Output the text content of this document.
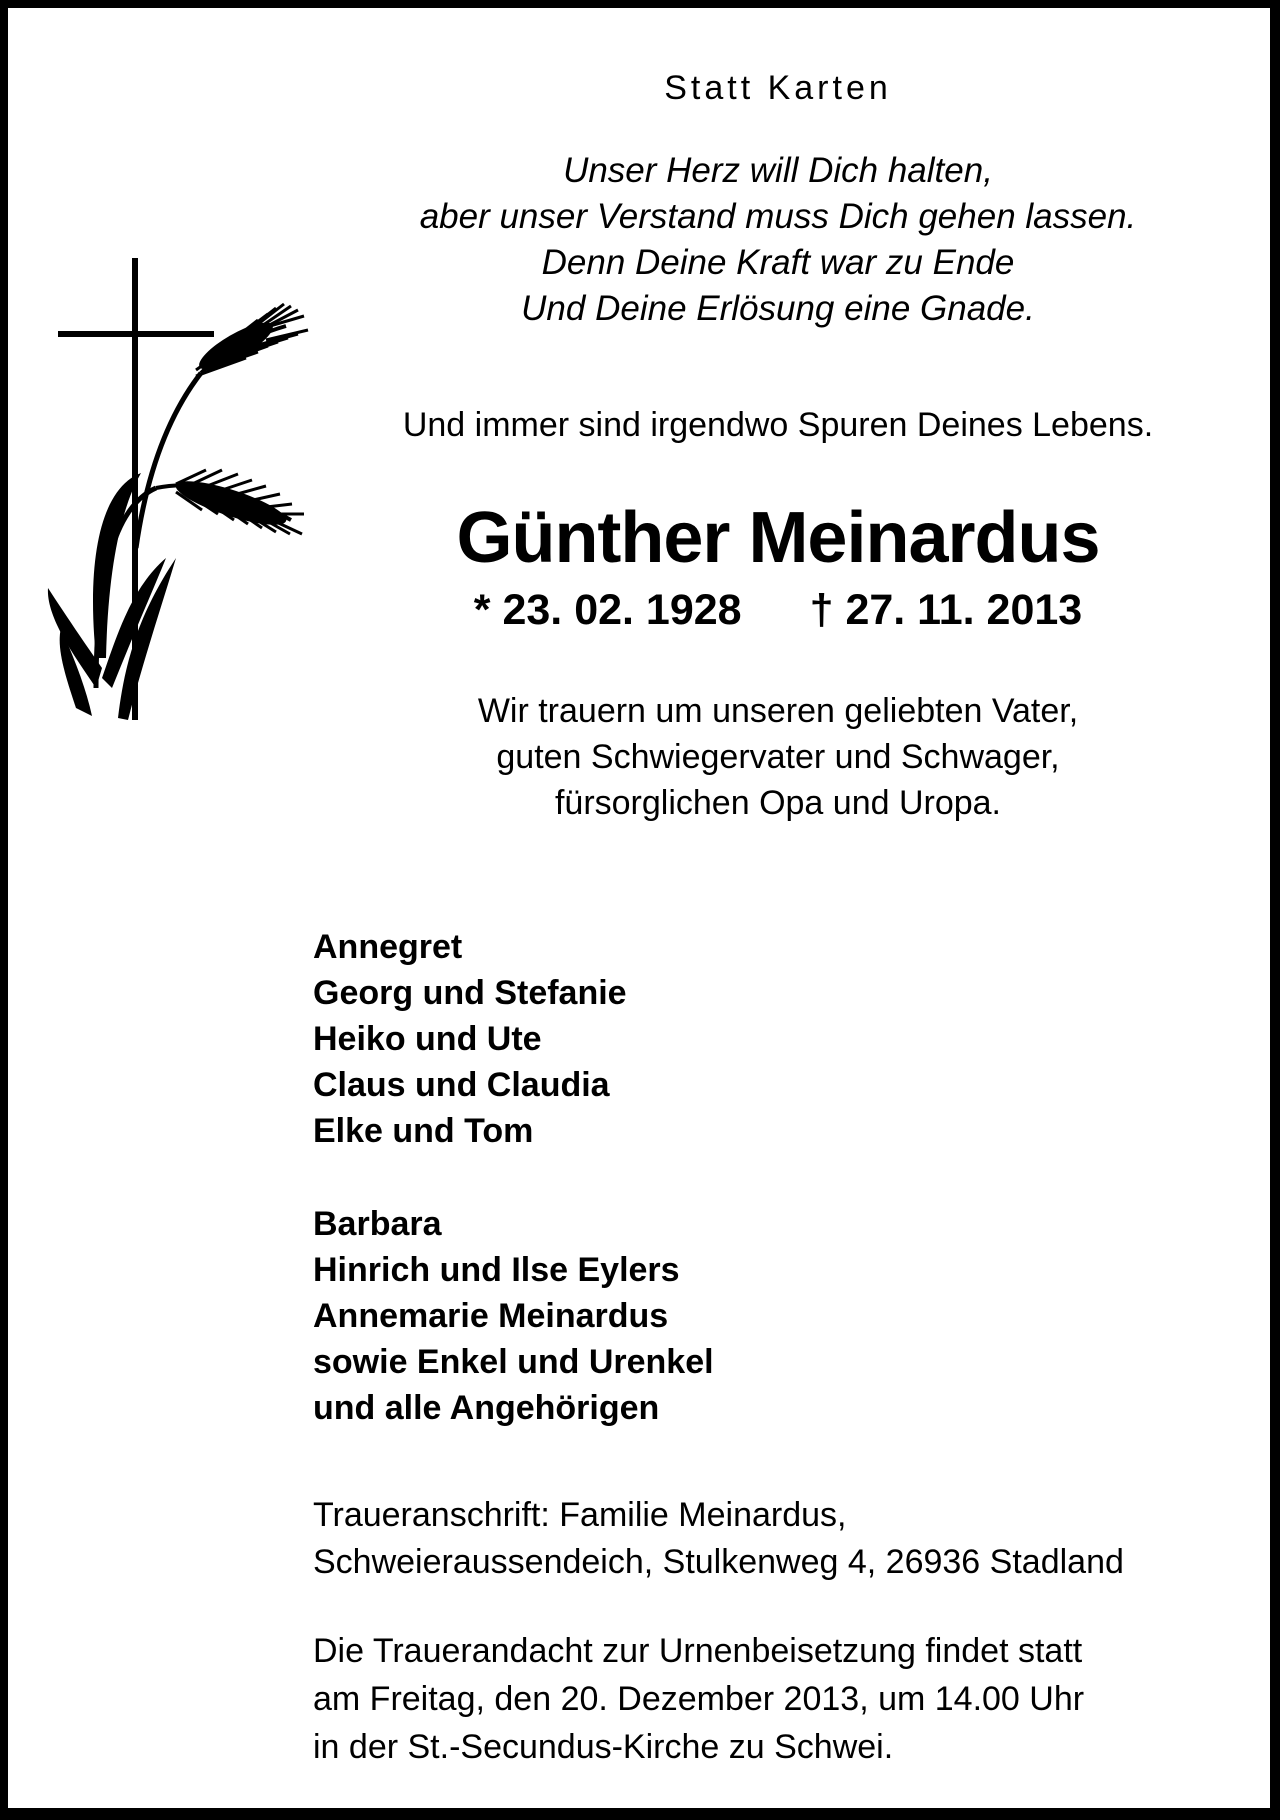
Statt Karten
Unser Herz will Dich halten,
aber unser Verstand muss Dich gehen lassen.
Denn Deine Kraft war zu Ende
Und Deine Erlösung eine Gnade.
Und immer sind irgendwo Spuren Deines Lebens.
Günther Meinardus
* 23. 02. 1928 † 27. 11. 2013
Wir trauern um unseren geliebten Vater,
guten Schwiegervater und Schwager,
fürsorglichen Opa und Uropa.
Annegret
Georg und Stefanie
Heiko und Ute
Claus und Claudia
Elke und Tom
Barbara
Hinrich und Ilse Eylers
Annemarie Meinardus
sowie Enkel und Urenkel
und alle Angehörigen
Traueranschrift: Familie Meinardus,
Schweieraussendeich, Stulkenweg 4, 26936 Stadland
Die Trauerandacht zur Urnenbeisetzung findet statt
am Freitag, den 20. Dezember 2013, um 14.00 Uhr
in der St.-Secundus-Kirche zu Schwei.
